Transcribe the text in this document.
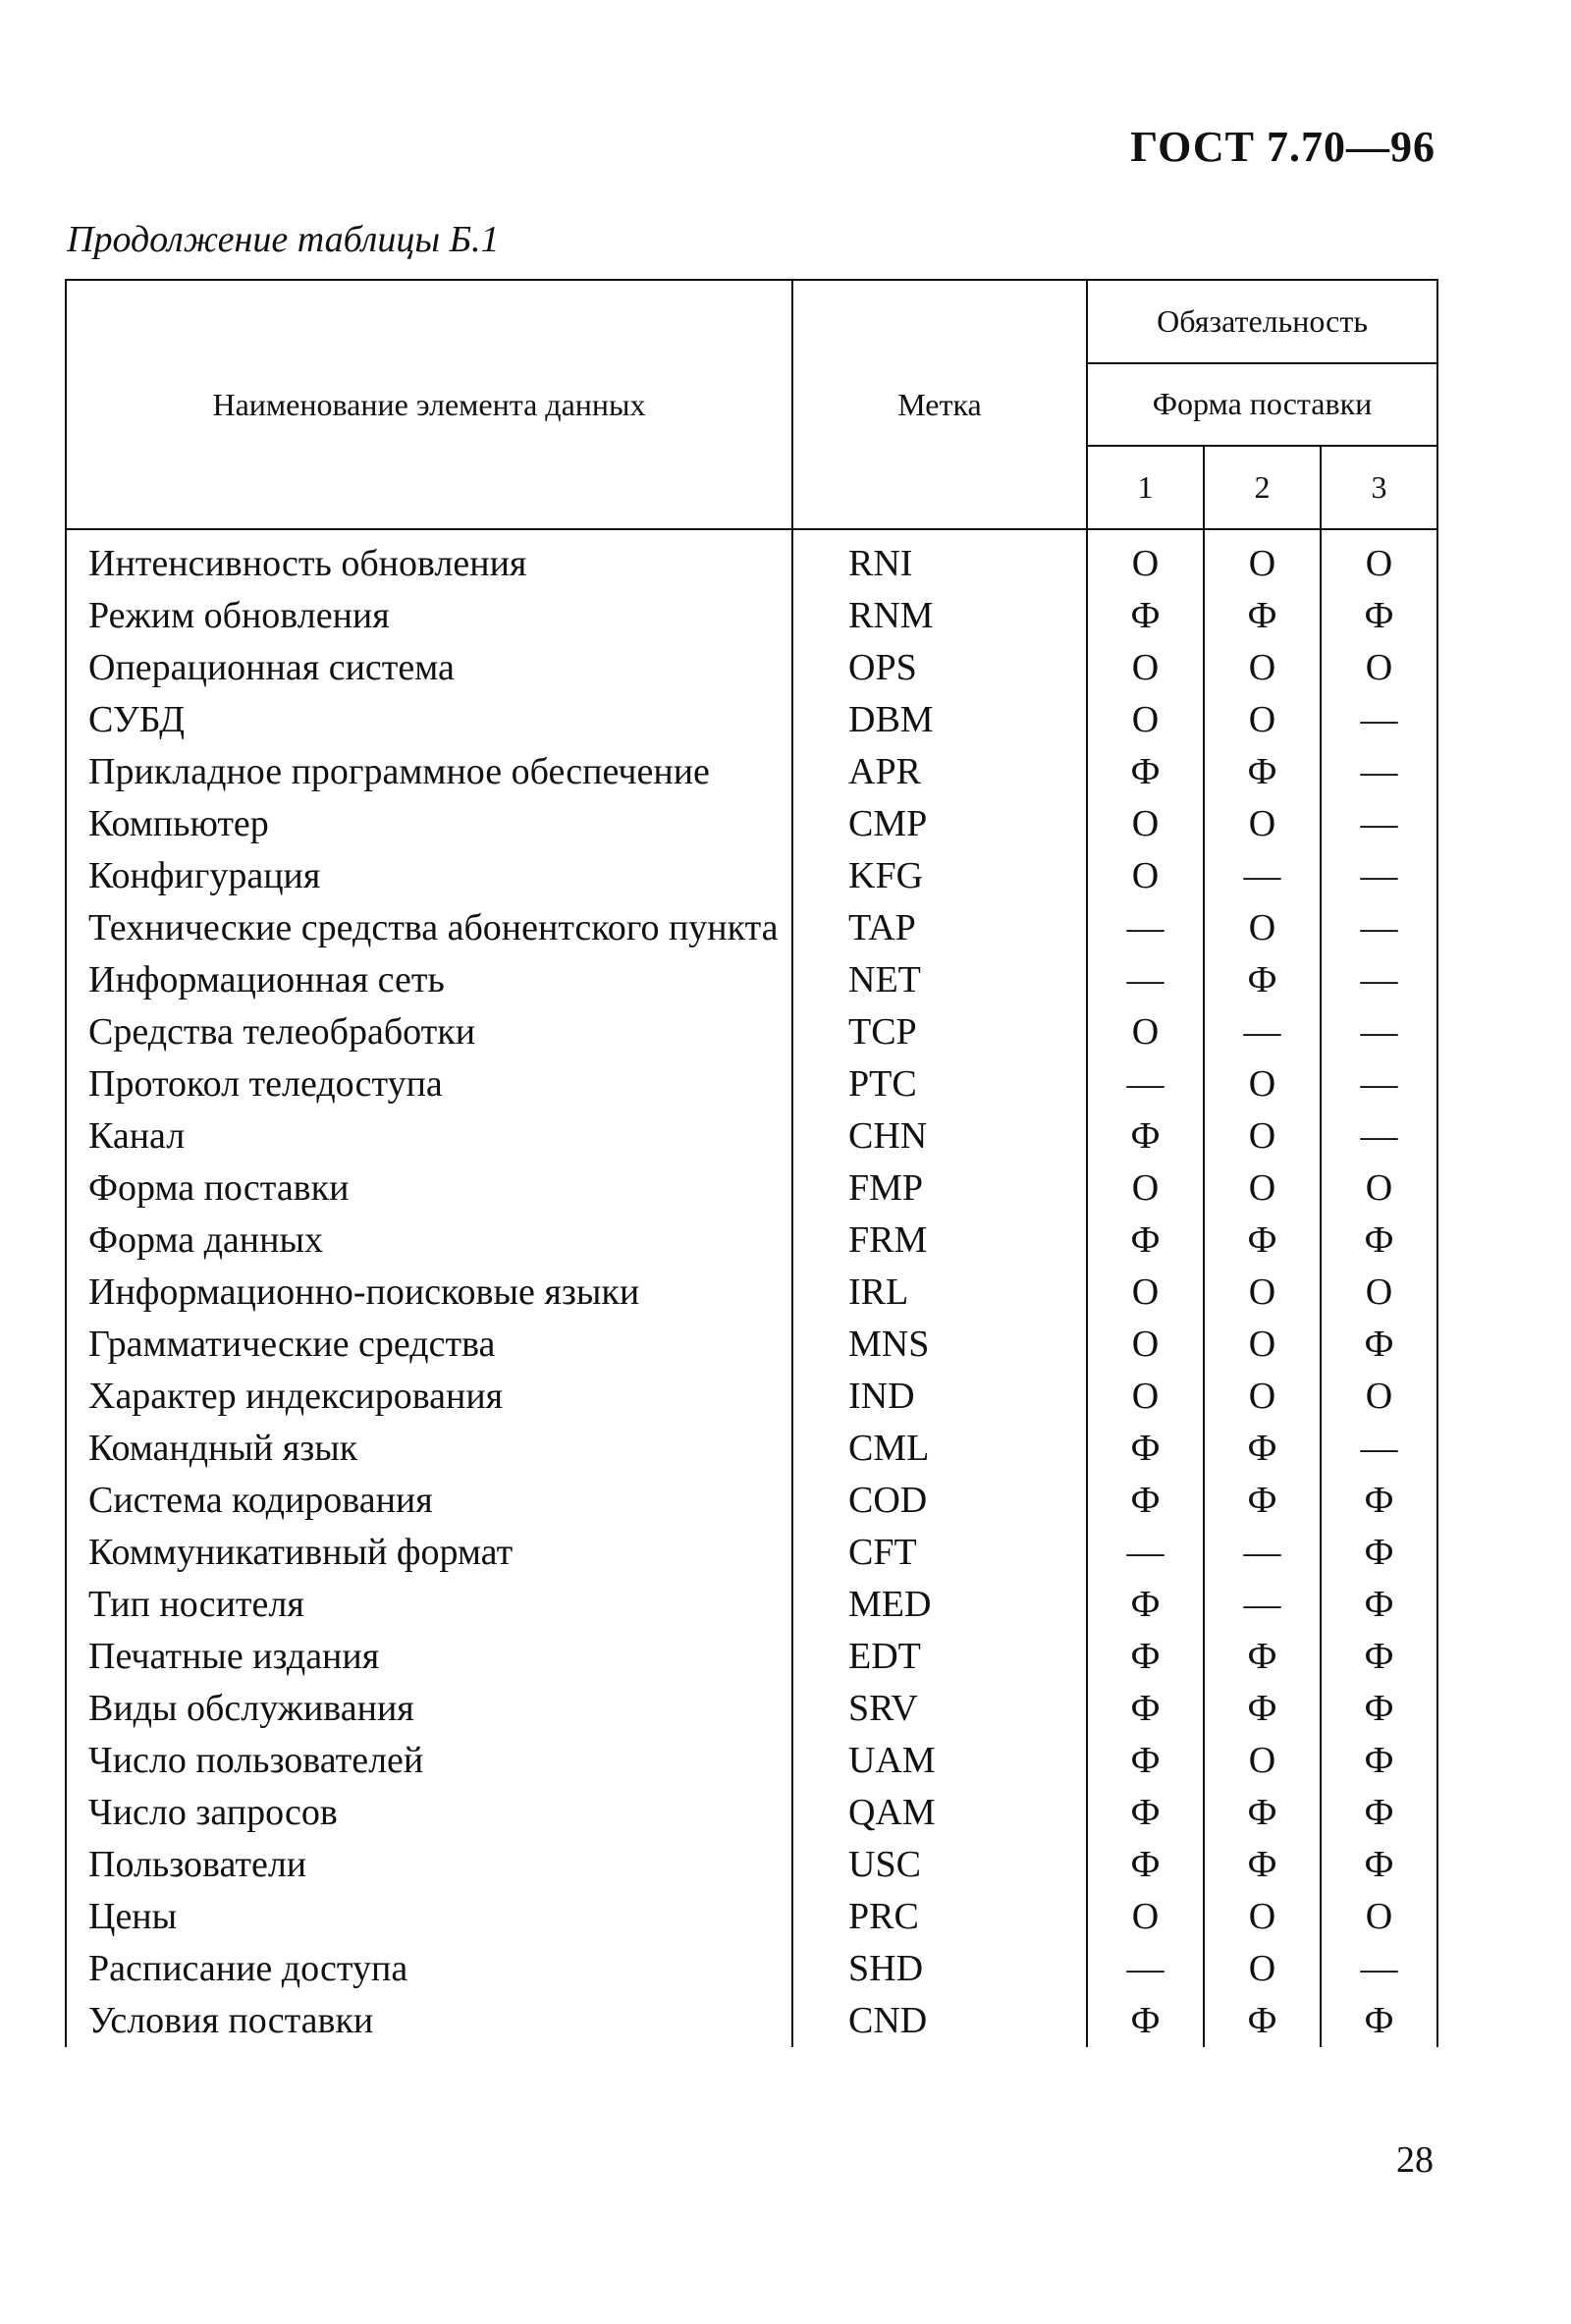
ГОСТ 7.70—96
Продолжение таблицы Б.1
Наименование элемента данных	Метка	Обязательность		
		Форма поставки		
		1	2	3
Интенсивность обновления	RNI	O	O	O
Режим обновления	RNM	Ф	Ф	Ф
Операционная система	OPS	O	O	O
СУБД	DBM	O	O	—
Прикладное программное обеспечение	APR	Ф	Ф	—
Компьютер	CMP	O	O	—
Конфигурация	KFG	O	—	—
Технические средства абонентского пункта	TAP	—	O	—
Информационная сеть	NET	—	Ф	—
Средства телеобработки	TCP	O	—	—
Протокол теледоступа	PTC	—	O	—
Канал	CHN	Ф	O	—
Форма поставки	FMP	O	O	O
Форма данных	FRM	Ф	Ф	Ф
Информационно-поисковые языки	IRL	O	O	O
Грамматические средства	MNS	O	O	Ф
Характер индексирования	IND	O	O	O
Командный язык	CML	Ф	Ф	—
Система кодирования	COD	Ф	Ф	Ф
Коммуникативный формат	CFT	—	—	Ф
Тип носителя	MED	Ф	—	Ф
Печатные издания	EDT	Ф	Ф	Ф
Виды обслуживания	SRV	Ф	Ф	Ф
Число пользователей	UAM	Ф	O	Ф
Число запросов	QAM	Ф	Ф	Ф
Пользователи	USC	Ф	Ф	Ф
Цены	PRC	O	O	O
Расписание доступа	SHD	—	O	—
Условия поставки	CND	Ф	Ф	Ф
28
